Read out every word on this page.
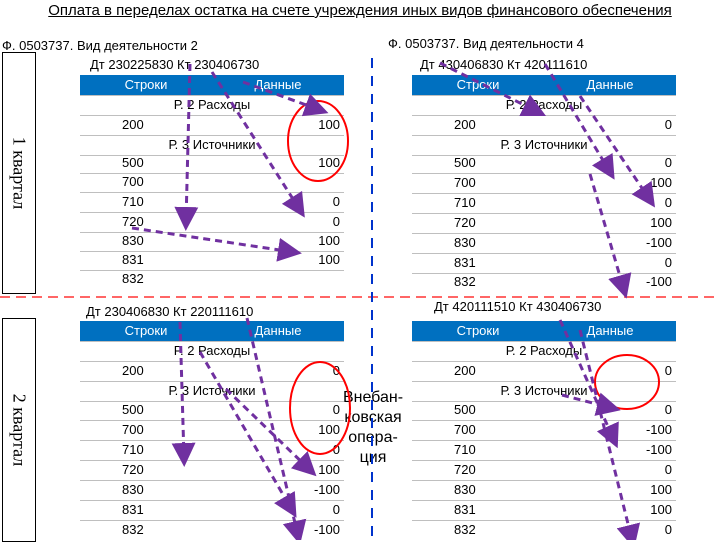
Оплата в переделах остатка на счете учреждения иных видов финансового обеспечения
1 квартал
2 квартал
Ф. 0503737. Вид деятельности 2	Ф. 0503737. Вид деятельности 4
Дт 230225830 Кт 230406730	Дт 430406830 Кт 420111610
Дт 230406830 Кт 220111610	Дт 420111510 Кт 430406730
Строки	Данные
Р. 2 Расходы
200	100
Р. 3 Источники
500	100
700
710	0
720	0
830	100
831	100
832
Строки	Данные
Р. 2 Расходы
200	0
Р. 3 Источники
500	0
700	100
710	0
720	100
830	-100
831	0
832	-100
Строки	Данные
Р. 2 Расходы
200	0
Р. 3 Источники
500	0
700	100
710	0
720	100
830	-100
831	0
832	-100
Строки	Данные
Р. 2 Расходы
200	0
Р. 3 Источники
500	0
700	-100
710	-100
720	0
830	100
831	100
832	0
Внебан-ковская опера-ция
